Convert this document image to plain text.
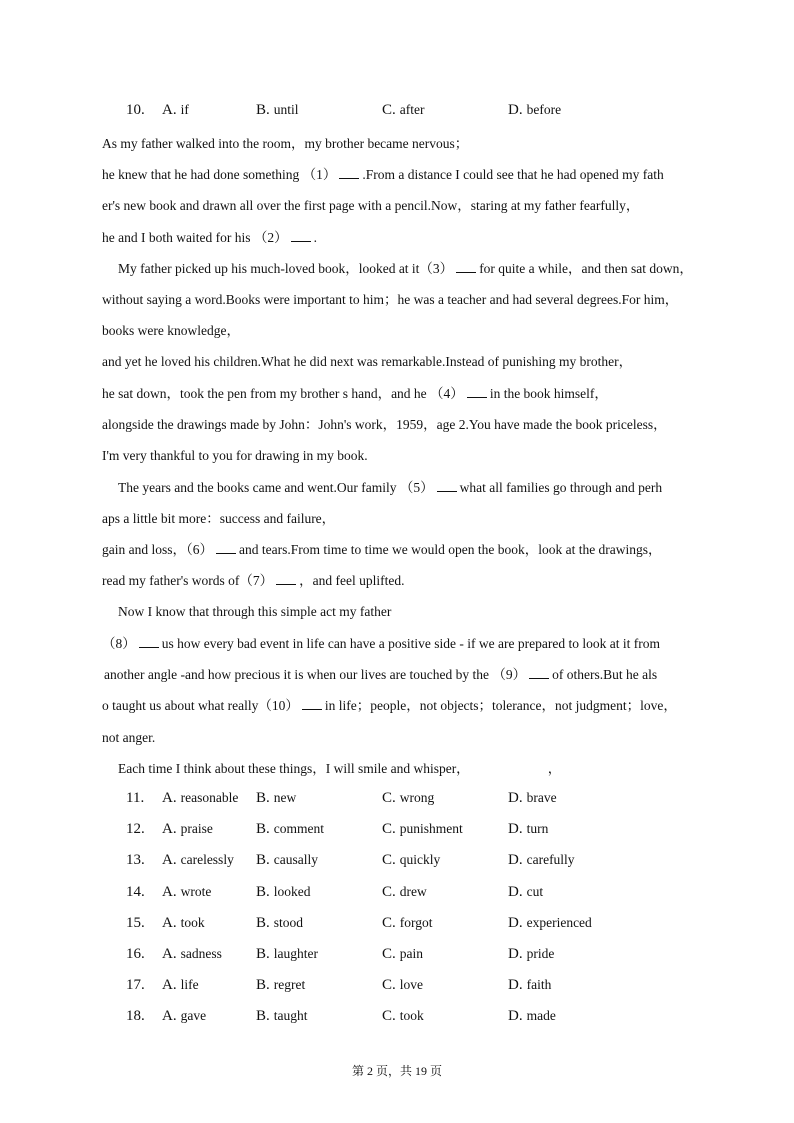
10. A. if	B. until	C. after	D. before
As my father walked into the room，my brother became nervous；
he knew that he had done something （1） .From a distance I could see that he had opened my fath
er's new book and drawn all over the first page with a pencil.Now，staring at my father fearfully，
he and I both waited for his （2） .
My father picked up his much-loved book，looked at it（3） for quite a while，and then sat down，
without saying a word.Books were important to him；he was a teacher and had several degrees.For him，
books were knowledge，
and yet he loved his children.What he did next was remarkable.Instead of punishing my brother，
he sat down，took the pen from my brother s hand，and he （4） in the book himself，
alongside the drawings made by John：John's work，1959，age 2.You have made the book priceless，
I'm very thankful to you for drawing in my book.
The years and the books came and went.Our family （5） what all families go through and perh
aps a little bit more：success and failure，
gain and loss，（6） and tears.From time to time we would open the book，look at the drawings，
read my father's words of（7） ，and feel uplifted.
Now I know that through this simple act my father
（8） us how every bad event in life can have a positive side - if we are prepared to look at it from
another angle -and how precious it is when our lives are touched by the （9） of others.But he als
o taught us about what really（10） in life；people，not objects；tolerance，not judgment；love，
not anger.
Each time I think about these things，I will smile and whisper，	，
11. A. reasonable B. new	C. wrong	D. brave
12. A. praise	B. comment	C. punishment	D. turn
13. A. carelessly B. causally	C. quickly	D. carefully
14. A. wrote	B. looked	C. drew	D. cut
15. A. took	B. stood	C. forgot	D. experienced
16. A. sadness B. laughter	C. pain	D. pride
17. A. life	B. regret	C. love	D. faith
18. A. gave	B. taught	C. took	D. made
第 2 页，共 19 页
